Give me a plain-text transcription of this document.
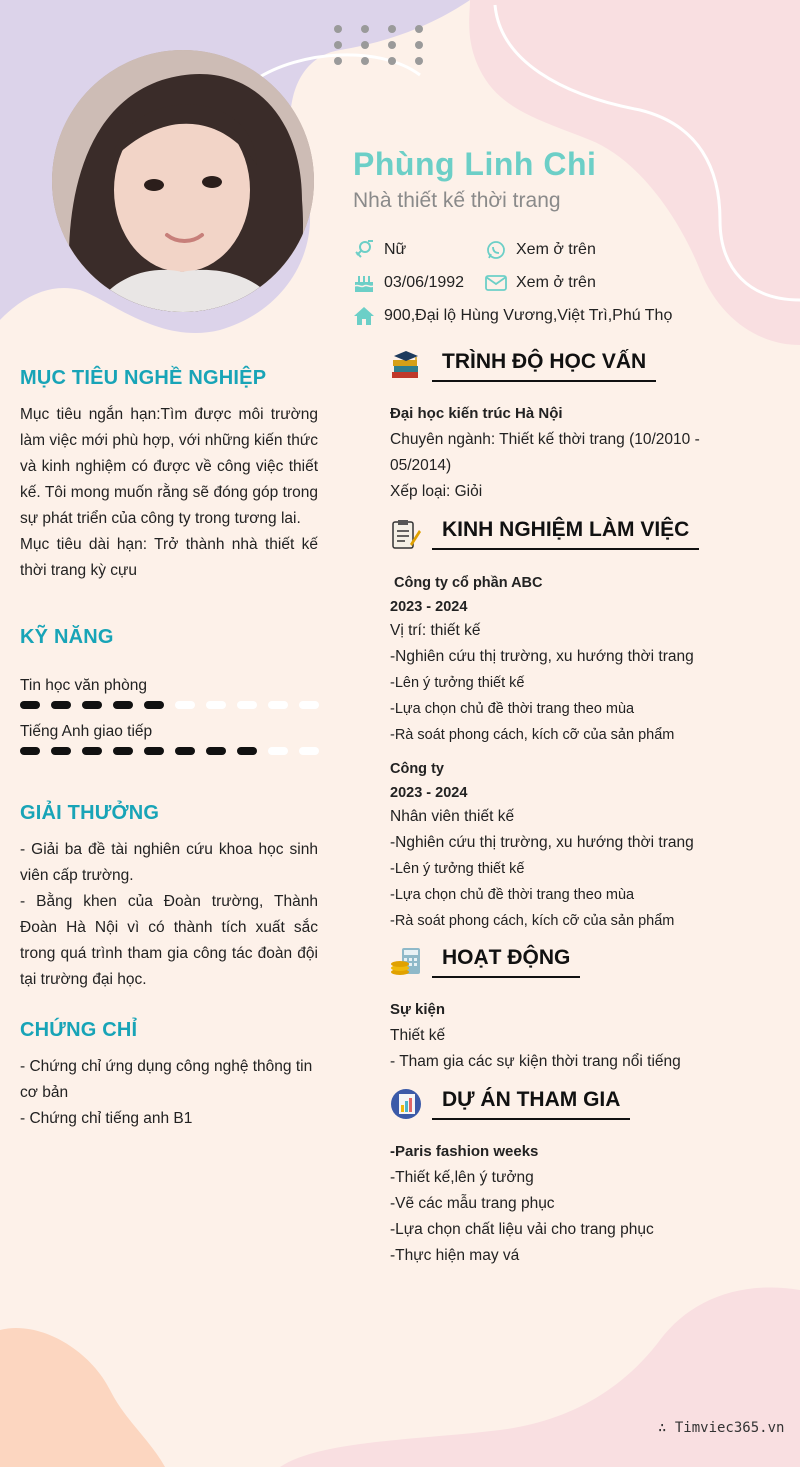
Phùng Linh Chi
Nhà thiết kế thời trang
Nữ	Xem ở trên
03/06/1992	Xem ở trên
900,Đại lộ Hùng Vương,Việt Trì,Phú Thọ
MỤC TIÊU NGHỀ NGHIỆP

Mục tiêu ngắn hạn:Tìm được môi trường làm việc mới phù hợp, với những kiến thức và kinh nghiệm có được về công việc thiết kế. Tôi mong muốn rằng sẽ đóng góp trong sự phát triển của công ty trong tương lai.

Mục tiêu dài hạn: Trở thành nhà thiết kế thời trang kỳ cựu

KỸ NĂNG
Tin học văn phòng
Tiếng Anh giao tiếp
GIẢI THƯỞNG

- Giải ba đề tài nghiên cứu khoa học sinh viên cấp trường.

- Bằng khen của Đoàn trường, Thành Đoàn Hà Nội vì có thành tích xuất sắc trong quá trình tham gia công tác đoàn đội tại trường đại học.

CHỨNG CHỈ

- Chứng chỉ ứng dụng công nghệ thông tin cơ bản

- Chứng chỉ tiếng anh B1

TRÌNH ĐỘ HỌC VẤN
Đại học kiến trúc Hà Nội
Chuyên ngành: Thiết kế thời trang (10/2010 -
05/2014)
Xếp loại: Giỏi
KINH NGHIỆM LÀM VIỆC
Công ty cổ phần ABC
2023 - 2024
Vị trí: thiết kế
-Nghiên cứu thị trường, xu hướng thời trang
-Lên ý tưởng thiết kế
-Lựa chọn chủ đề thời trang theo mùa
-Rà soát phong cách, kích cỡ của sản phẩm
Công ty
2023 - 2024
Nhân viên thiết kế
-Nghiên cứu thị trường, xu hướng thời trang
-Lên ý tưởng thiết kế
-Lựa chọn chủ đề thời trang theo mùa
-Rà soát phong cách, kích cỡ của sản phẩm
HOẠT ĐỘNG
Sự kiện
Thiết kế
- Tham gia các sự kiện thời trang nổi tiếng
DỰ ÁN THAM GIA
-Paris fashion weeks
-Thiết kế,lên ý tưởng
-Vẽ các mẫu trang phục
-Lựa chọn chất liệu vải cho trang phục
-Thực hiện may vá
∴ Timviec365.vn
